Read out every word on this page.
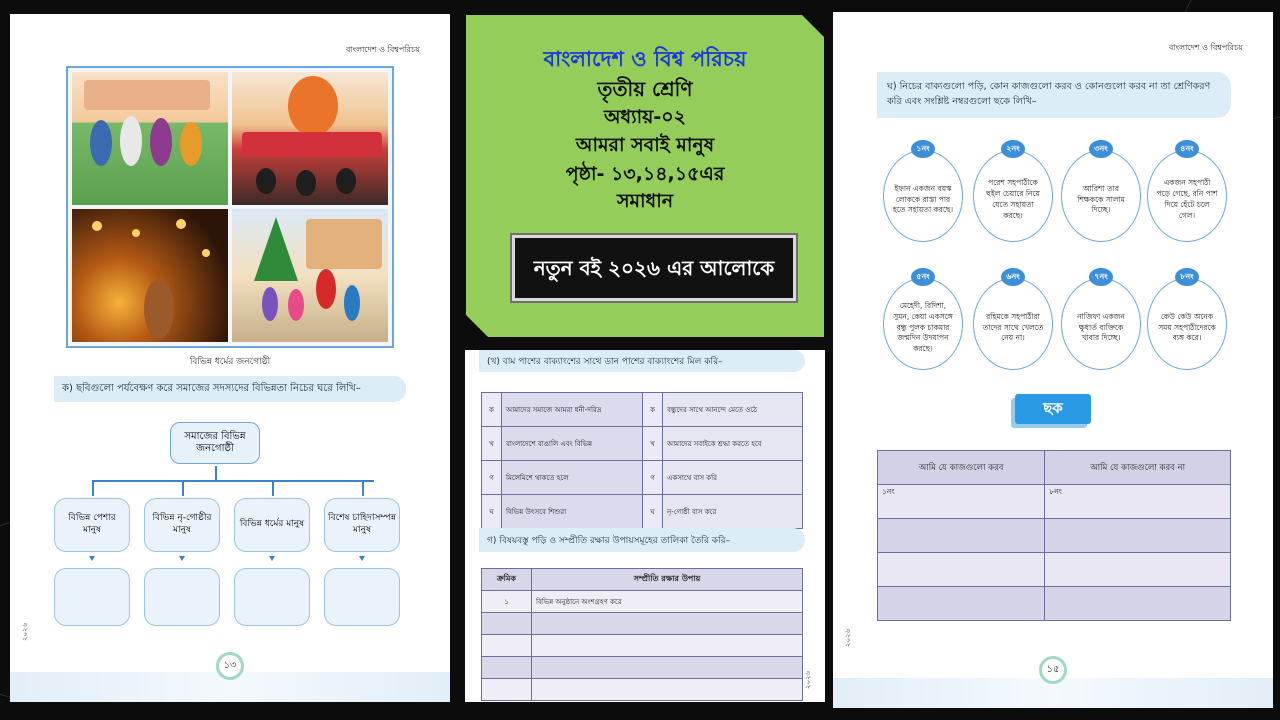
বাংলাদেশ ও বিশ্বপরিচয়
বিভিন্ন ধর্মের জনগোষ্ঠী
ক) ছবিগুলো পর্যবেক্ষণ করে সমাজের সদস্যদের বিভিন্নতা নিচের ঘরে লিখি–
সমাজের বিভিন্ন জনগোষ্ঠী
বিভিন্ন পেশার মানুষ
বিভিন্ন নৃ-গোষ্ঠীর মানুষ
বিভিন্ন ধর্মের মানুষ
বিশেষ চাহিদাসম্পন্ন মানুষ
২০২৬
১৩
বাংলাদেশ ও বিশ্ব পরিচয়
তৃতীয় শ্রেণি
অধ্যায়-০২
আমরা সবাই মানুষ
পৃষ্ঠা- ১৩,১৪,১৫এর
সমাধান
নতুন বই ২০২৬ এর আলোকে
(খ) বাম পাশের বাক্যাংশের সাথে ডান পাশের বাক্যাংশের মিল করি–
ক	আমাদের সমাজে আমরা ধনী-দরিদ্র	ক	বন্ধুদের সাথে আনন্দে মেতে ওঠে
খ	বাংলাদেশে বাঙালি এবং বিভিন্ন	খ	আমাদের সবাইকে শ্রদ্ধা করতে হবে
গ	মিলেমিশে থাকতে হলে	গ	একসাথে বাস করি
ঘ	বিভিন্ন উৎসবে শিশুরা	ঘ	নৃ-গোষ্ঠী বাস করে
গ) বিষয়বস্তু পড়ি ও সম্প্রীতি রক্ষার উপায়সমূহের তালিকা তৈরি করি–
ক্রমিক	সম্প্রীতি রক্ষার উপায়
১	বিভিন্ন অনুষ্ঠানে অংশগ্রহণ করে

২০২৬
বাংলাদেশ ও বিশ্বপরিচয়
ঘ) নিচের বাক্যগুলো পড়ি, কোন কাজগুলো করব ও কোনগুলো করব না তা শ্রেণিকরণ করি এবং সংশ্লিষ্ট নম্বরগুলো ছকে লিখি–
ইফান একজন বয়স্ক লোককে রাস্তা পার হতে সহায়তা করছে।
১নং
পরেশ সহপাঠীকে হুইল চেয়ারে নিয়ে যেতে সহায়তা করছে।
২নং
আরিশা তার শিক্ষককে সালাম দিচ্ছে।
৩নং
একজন সহপাঠী পড়ে গেছে, রনি পাশ দিয়ে হেঁটে চলে গেল।
৪নং
মেহেদী, রিদিশা, সুমন, কেয়া একসঙ্গে বন্ধু পুলক চাকমার জন্মদিন উদযাপন করছে।
৫নং
রহিমকে সহপাঠীরা তাদের সাথে খেলতে নেয় না।
৬নং
নাজিফা একজন ক্ষুধার্ত ব্যক্তিকে খাবার দিচ্ছে।
৭নং
কেউ কেউ অনেক সময় সহপাঠীদেরকে ব্যঙ্গ করে।
৮নং
ছক
আমি যে কাজগুলো করব	আমি যে কাজগুলো করব না
১নং	৮নং

২০২৬
১৫
